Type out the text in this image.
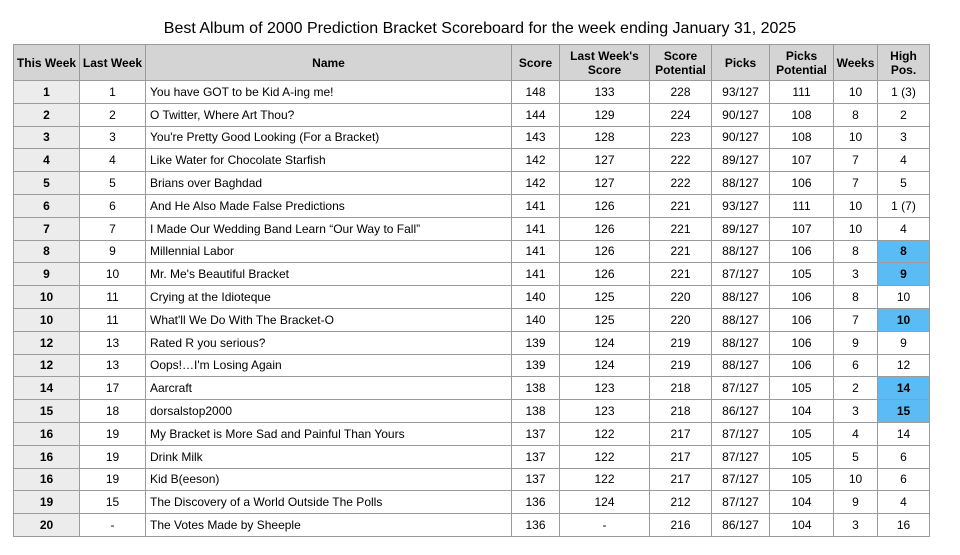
Best Album of 2000 Prediction Bracket Scoreboard for the week ending January 31, 2025
This Week	Last Week	Name	Score	Last Week's Score	Score Potential	Picks	Picks Potential	Weeks	High Pos.
1	1	You have GOT to be Kid A-ing me!	148	133	228	93/127	111	10	1 (3)
2	2	O Twitter, Where Art Thou?	144	129	224	90/127	108	8	2
3	3	You're Pretty Good Looking (For a Bracket)	143	128	223	90/127	108	10	3
4	4	Like Water for Chocolate Starfish	142	127	222	89/127	107	7	4
5	5	Brians over Baghdad	142	127	222	88/127	106	7	5
6	6	And He Also Made False Predictions	141	126	221	93/127	111	10	1 (7)
7	7	I Made Our Wedding Band Learn “Our Way to Fall”	141	126	221	89/127	107	10	4
8	9	Millennial Labor	141	126	221	88/127	106	8	8
9	10	Mr. Me's Beautiful Bracket	141	126	221	87/127	105	3	9
10	11	Crying at the Idioteque	140	125	220	88/127	106	8	10
10	11	What'll We Do With The Bracket-O	140	125	220	88/127	106	7	10
12	13	Rated R you serious?	139	124	219	88/127	106	9	9
12	13	Oops!…I'm Losing Again	139	124	219	88/127	106	6	12
14	17	Aarcraft	138	123	218	87/127	105	2	14
15	18	dorsalstop2000	138	123	218	86/127	104	3	15
16	19	My Bracket is More Sad and Painful Than Yours	137	122	217	87/127	105	4	14
16	19	Drink Milk	137	122	217	87/127	105	5	6
16	19	Kid B(eeson)	137	122	217	87/127	105	10	6
19	15	The Discovery of a World Outside The Polls	136	124	212	87/127	104	9	4
20	-	The Votes Made by Sheeple	136	-	216	86/127	104	3	16
